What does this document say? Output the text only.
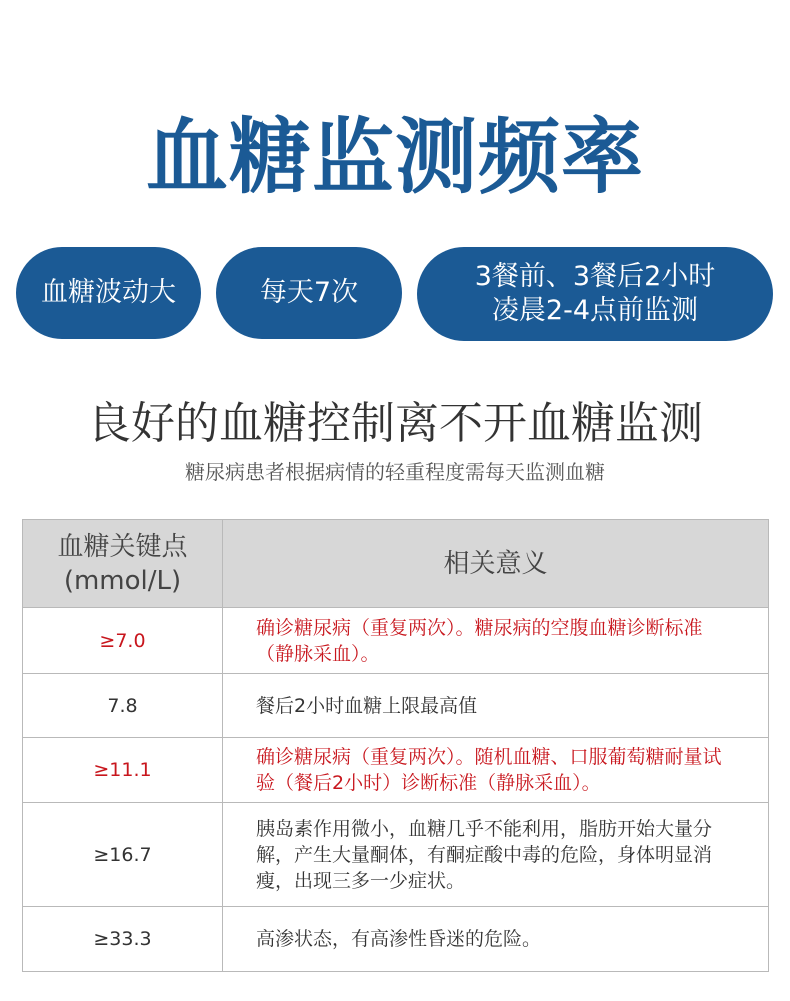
血糖监测频率
血糖波动大	每天7次
3餐前、3餐后2小时
凌晨2-4点前监测
良好的血糖控制离不开血糖监测
糖尿病患者根据病情的轻重程度需每天监测血糖
血糖关键点
(mmol/L)	相关意义
≥7.0	确诊糖尿病（重复两次）。糖尿病的空腹血糖诊断标准（静脉采血）。
7.8	餐后2小时血糖上限最高值
≥11.1	确诊糖尿病（重复两次）。随机血糖、口服葡萄糖耐量试验（餐后2小时）诊断标准（静脉采血）。
≥16.7	胰岛素作用微小，血糖几乎不能利用，脂肪开始大量分解，产生大量酮体，有酮症酸中毒的危险，身体明显消瘦，出现三多一少症状。
≥33.3	高渗状态，有高渗性昏迷的危险。
